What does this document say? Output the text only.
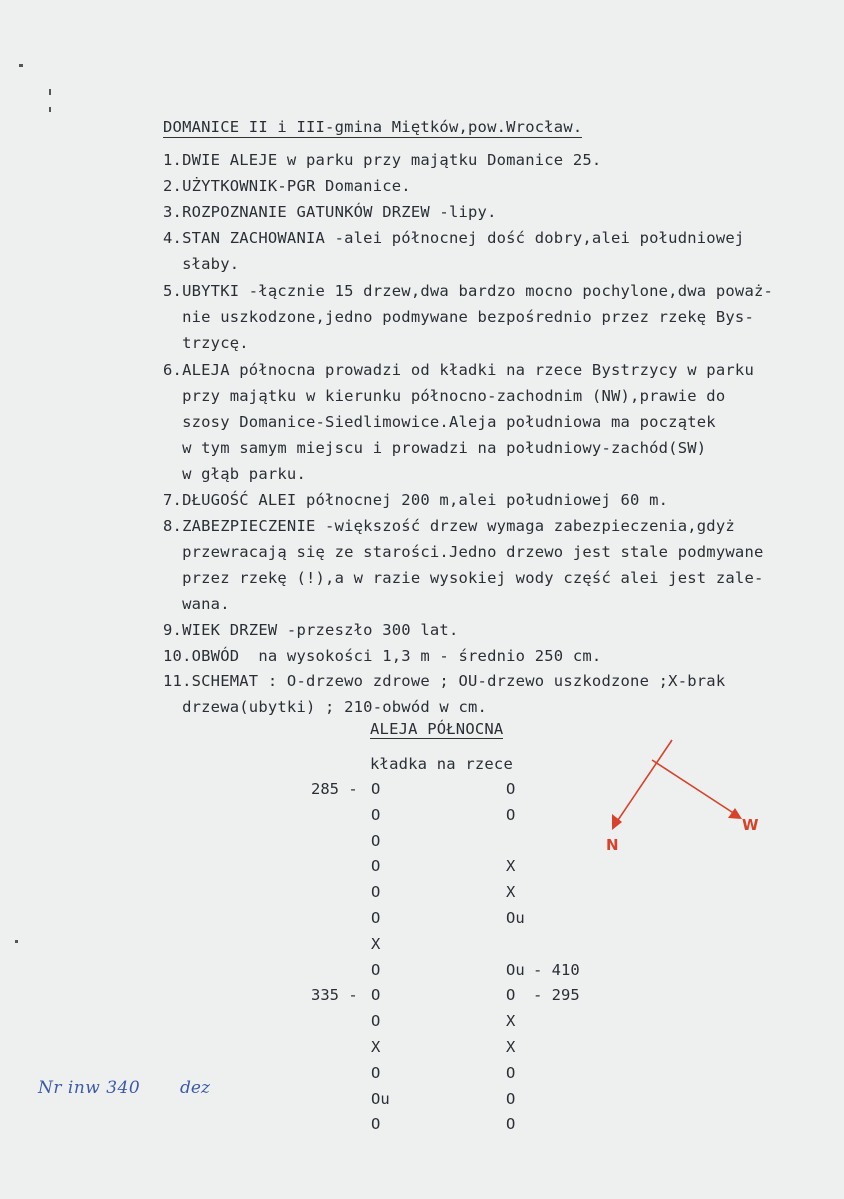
DOMANICE II i III-gmina Miętków,pow.Wrocław.
1.DWIE ALEJE w parku przy majątku Domanice 25.
2.UŻYTKOWNIK-PGR Domanice.
3.ROZPOZNANIE GATUNKÓW DRZEW -lipy.
4.STAN ZACHOWANIA -alei północnej dość dobry,alei południowej
słaby.
5.UBYTKI -łącznie 15 drzew,dwa bardzo mocno pochylone,dwa poważ-
nie uszkodzone,jedno podmywane bezpośrednio przez rzekę Bys-
trzycę.
6.ALEJA północna prowadzi od kładki na rzece Bystrzycy w parku
przy majątku w kierunku północno-zachodnim (NW),prawie do
szosy Domanice-Siedlimowice.Aleja południowa ma początek
w tym samym miejscu i prowadzi na południowy-zachód(SW)
w głąb parku.
7.DŁUGOŚĆ ALEI północnej 200 m,alei południowej 60 m.
8.ZABEZPIECZENIE -większość drzew wymaga zabezpieczenia,gdyż
przewracają się ze starości.Jedno drzewo jest stale podmywane
przez rzekę (!),a w razie wysokiej wody część alei jest zale-
wana.
9.WIEK DRZEW -przeszło 300 lat.
10.OBWÓD  na wysokości 1,3 m - średnio 250 cm.
11.SCHEMAT : O-drzewo zdrowe ; OU-drzewo uszkodzone ;X-brak
drzewa(ubytki) ; 210-obwód w cm.
ALEJA PÓŁNOCNA
kładka na rzece
285 - O	O
O	O
O
O	X
O	X
O	Ou
X
O	Ou - 410
335 - O	O - 295
O	X
X	X
O	O
Ou	O
O	O
N
W
Nr inw 340 dez
